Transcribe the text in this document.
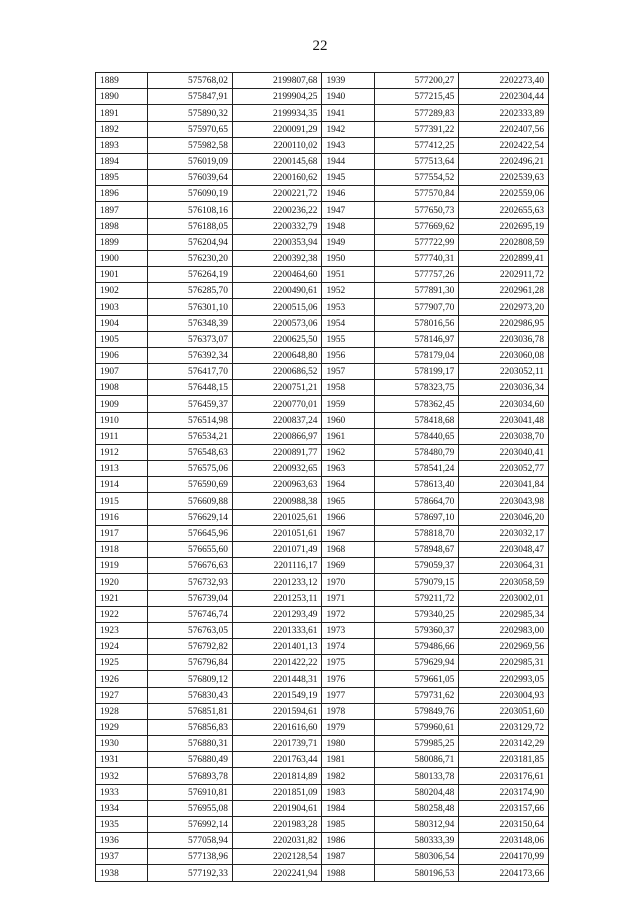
22
1889	575768,02	2199807,68	1939	577200,27	2202273,40
1890	575847,91	2199904,25	1940	577215,45	2202304,44
1891	575890,32	2199934,35	1941	577289,83	2202333,89
1892	575970,65	2200091,29	1942	577391,22	2202407,56
1893	575982,58	2200110,02	1943	577412,25	2202422,54
1894	576019,09	2200145,68	1944	577513,64	2202496,21
1895	576039,64	2200160,62	1945	577554,52	2202539,63
1896	576090,19	2200221,72	1946	577570,84	2202559,06
1897	576108,16	2200236,22	1947	577650,73	2202655,63
1898	576188,05	2200332,79	1948	577669,62	2202695,19
1899	576204,94	2200353,94	1949	577722,99	2202808,59
1900	576230,20	2200392,38	1950	577740,31	2202899,41
1901	576264,19	2200464,60	1951	577757,26	2202911,72
1902	576285,70	2200490,61	1952	577891,30	2202961,28
1903	576301,10	2200515,06	1953	577907,70	2202973,20
1904	576348,39	2200573,06	1954	578016,56	2202986,95
1905	576373,07	2200625,50	1955	578146,97	2203036,78
1906	576392,34	2200648,80	1956	578179,04	2203060,08
1907	576417,70	2200686,52	1957	578199,17	2203052,11
1908	576448,15	2200751,21	1958	578323,75	2203036,34
1909	576459,37	2200770,01	1959	578362,45	2203034,60
1910	576514,98	2200837,24	1960	578418,68	2203041,48
1911	576534,21	2200866,97	1961	578440,65	2203038,70
1912	576548,63	2200891,77	1962	578480,79	2203040,41
1913	576575,06	2200932,65	1963	578541,24	2203052,77
1914	576590,69	2200963,63	1964	578613,40	2203041,84
1915	576609,88	2200988,38	1965	578664,70	2203043,98
1916	576629,14	2201025,61	1966	578697,10	2203046,20
1917	576645,96	2201051,61	1967	578818,70	2203032,17
1918	576655,60	2201071,49	1968	578948,67	2203048,47
1919	576676,63	2201116,17	1969	579059,37	2203064,31
1920	576732,93	2201233,12	1970	579079,15	2203058,59
1921	576739,04	2201253,11	1971	579211,72	2203002,01
1922	576746,74	2201293,49	1972	579340,25	2202985,34
1923	576763,05	2201333,61	1973	579360,37	2202983,00
1924	576792,82	2201401,13	1974	579486,66	2202969,56
1925	576796,84	2201422,22	1975	579629,94	2202985,31
1926	576809,12	2201448,31	1976	579661,05	2202993,05
1927	576830,43	2201549,19	1977	579731,62	2203004,93
1928	576851,81	2201594,61	1978	579849,76	2203051,60
1929	576856,83	2201616,60	1979	579960,61	2203129,72
1930	576880,31	2201739,71	1980	579985,25	2203142,29
1931	576880,49	2201763,44	1981	580086,71	2203181,85
1932	576893,78	2201814,89	1982	580133,78	2203176,61
1933	576910,81	2201851,09	1983	580204,48	2203174,90
1934	576955,08	2201904,61	1984	580258,48	2203157,66
1935	576992,14	2201983,28	1985	580312,94	2203150,64
1936	577058,94	2202031,82	1986	580333,39	2203148,06
1937	577138,96	2202128,54	1987	580306,54	2204170,99
1938	577192,33	2202241,94	1988	580196,53	2204173,66
